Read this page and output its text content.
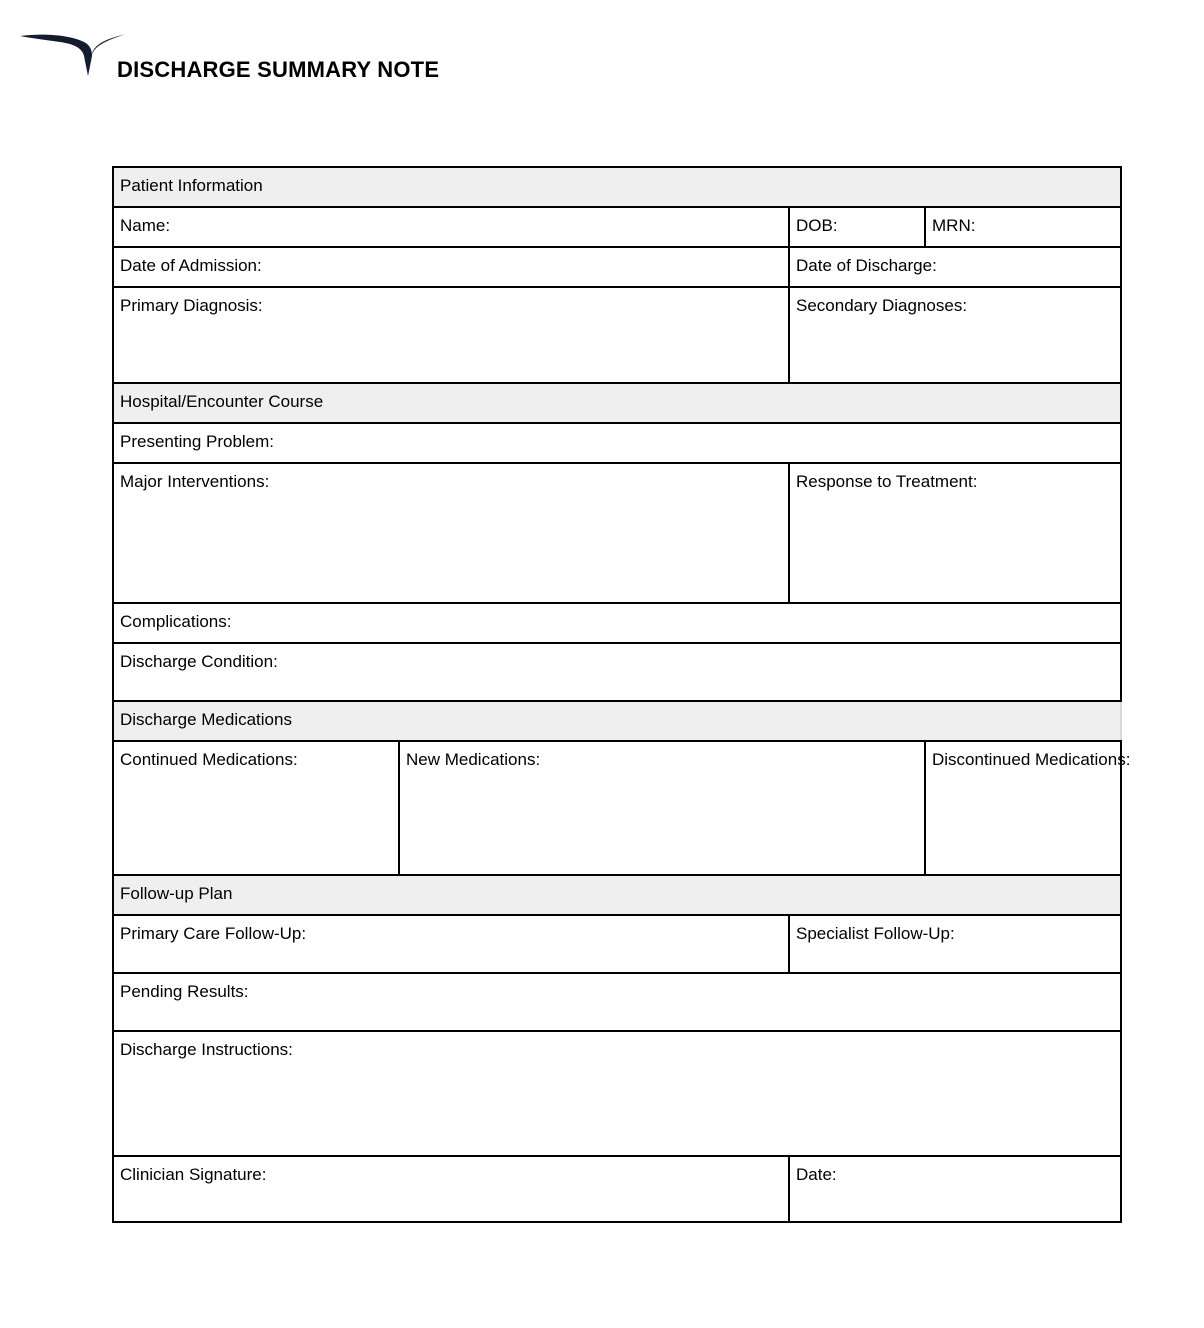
DISCHARGE SUMMARY NOTE
Patient Information			

Name:		DOB:	MRN:

Date of Admission:		Date of Discharge:	

Primary Diagnosis:		Secondary Diagnoses:	

Hospital/Encounter Course			

Presenting Problem:			

Major Interventions:		Response to Treatment:	

Complications:			

Discharge Condition:			

Discharge Medications			

Continued Medications:	New Medications:		Discontinued Medications:

Follow-up Plan			

Primary Care Follow-Up:		Specialist Follow-Up:	

Pending Results:			

Discharge Instructions:			

Clinician Signature:		Date:	
